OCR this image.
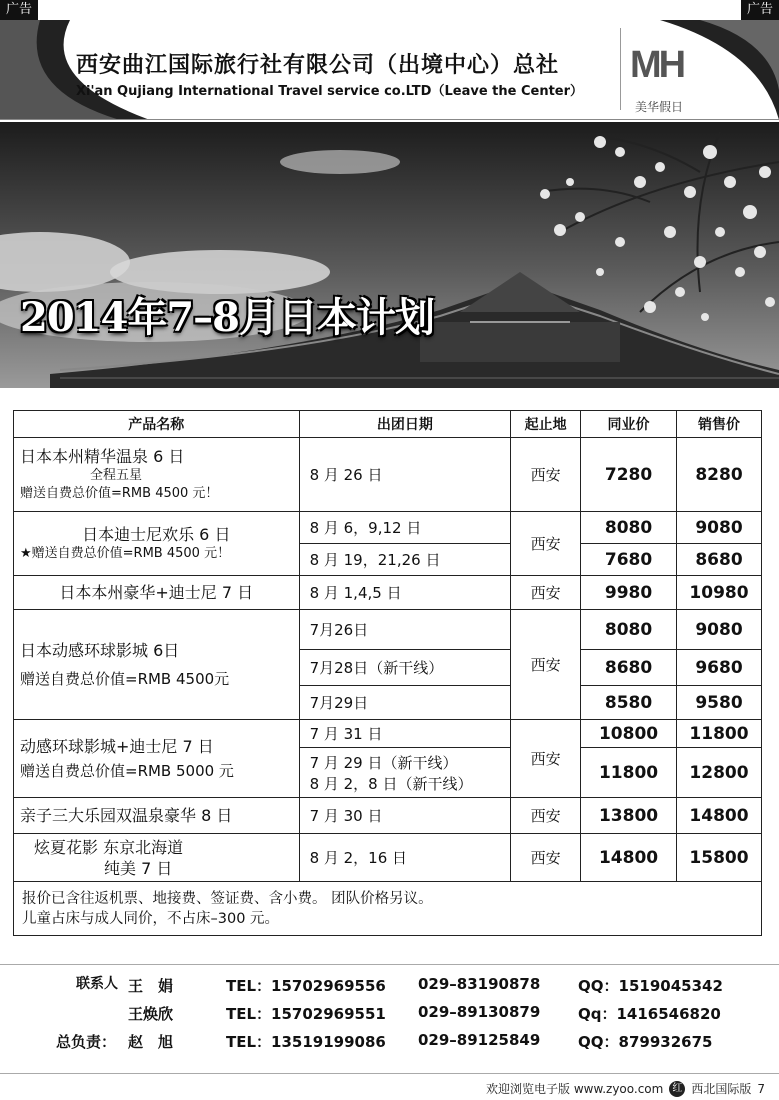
广告	广告
西安曲江国际旅行社有限公司（出境中心）总社
Xi'an Qujiang International Travel service co.LTD（Leave the Center）
MH
美华假日
2014年7–8月日本计划
产品名称	出团日期	起止地	同业价	销售价

日本本州精华温泉 6 日
全程五星
赠送自费总价值=RMB 4500 元！	8 月 26 日	西安	7280	8280

日本迪士尼欢乐 6 日
★赠送自费总价值=RMB 4500 元！	8 月 6，9,12 日	西安	8080	9080
	8 月 19，21,26 日		7680	8680
日本本州豪华+迪士尼 7 日	8 月 1,4,5 日	西安	9980	10980

日本动感环球影城 6日
赠送自费总价值=RMB 4500元	7月26日	西安	8080	9080
	7月28日（新干线）		8680	9680
	7月29日		8580	9580

动感环球影城+迪士尼 7 日
赠送自费总价值=RMB 5000 元	7 月 31 日	西安	10800	11800

	7 月 29 日（新干线）
8 月 2，8 日（新干线）		11800	12800
亲子三大乐园双温泉豪华 8 日	7 月 30 日	西安	13800	14800

炫夏花影 东京北海道
纯美 7 日	8 月 2，16 日	西安	14800	15800

报价已含往返机票、地接费、签证费、含小费。 团队价格另议。
儿童占床与成人同价，不占床–300 元。				
联系人 王　娟	TEL：15702969556 029–83190878	QQ：1519045342
王焕欣	TEL：15702969551 029–89130879	Qq：1416546820
总负责： 赵　旭	TEL：13519199086 029–89125849	QQ：879932675
欢迎浏览电子版 www.zyoo.com 红 西北国际版 7
